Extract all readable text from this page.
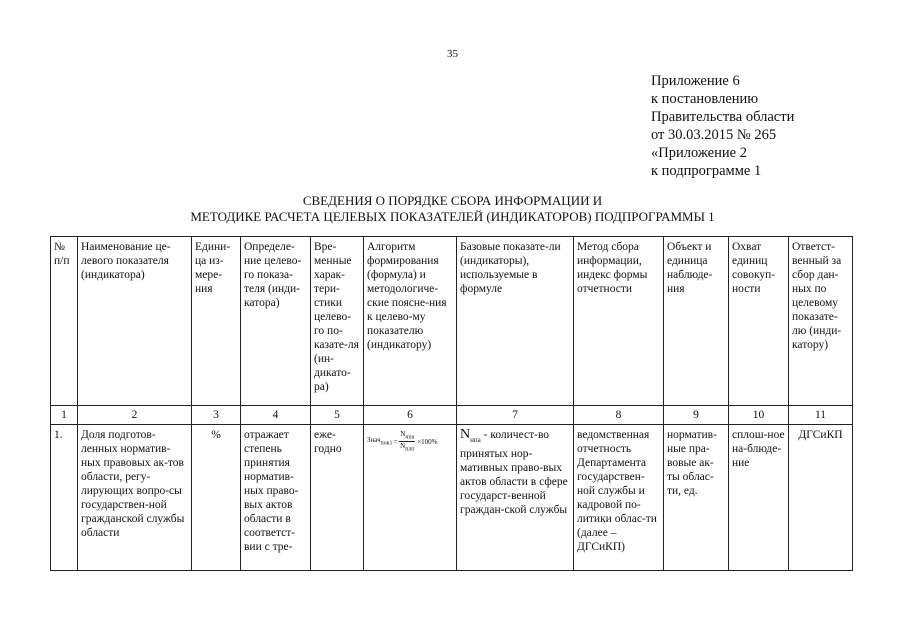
35
Приложение 6
к постановлению
Правительства области
от 30.03.2015 № 265
«Приложение 2
к подпрограмме 1
СВЕДЕНИЯ О ПОРЯДКЕ СБОРА ИНФОРМАЦИИ И
МЕТОДИКЕ РАСЧЕТА ЦЕЛЕВЫХ ПОКАЗАТЕЛЕЙ (ИНДИКАТОРОВ) ПОДПРОГРАММЫ 1
№ п/п	Наименование це-левого показателя (индикатора)	Едини-ца из-мере-ния	Определе-ние целево-го показа-теля (инди-катора)	Вре-менные харак-тери-стики целево-го по-казате-ля (ин-дикато-ра)	Алгоритм формирования (формула) и методологиче-ские поясне-ния к целево-му показателю (индикатору)	Базовые показате-ли (индикаторы), используемые в формуле	Метод сбора информации, индекс формы отчетности	Объект и единица наблюде-ния	Охват единиц совокуп-ности	Ответст-венный за сбор дан-ных по целевому показате-лю (инди-катору)
1	2	3	4	5	6	7	8	9	10	11
1.	Доля подготов-ленных норматив-ных правовых ак-тов области, регу-лирующих вопро-сы государствен-ной гражданской службы области	%	отражает степень принятия норматив-ных право-вых актов области в соответст-вии с тре-	еже-годно	Знач$_{пок1}$ = $\frac{N_{нпа}}{N_{плп}} \times 100\%$	$N_{нпа}$ - количест-во принятых нор-мативных право-вых актов области в сфере государст-венной граждан-ской службы	ведомственная отчетность Департамента государствен-ной службы и кадровой по-литики облас-ти (далее – ДГСиКП)	норматив-ные пра-вовые ак-ты облас-ти, ед.	сплош-ное на-блюде-ние	ДГСиКП
